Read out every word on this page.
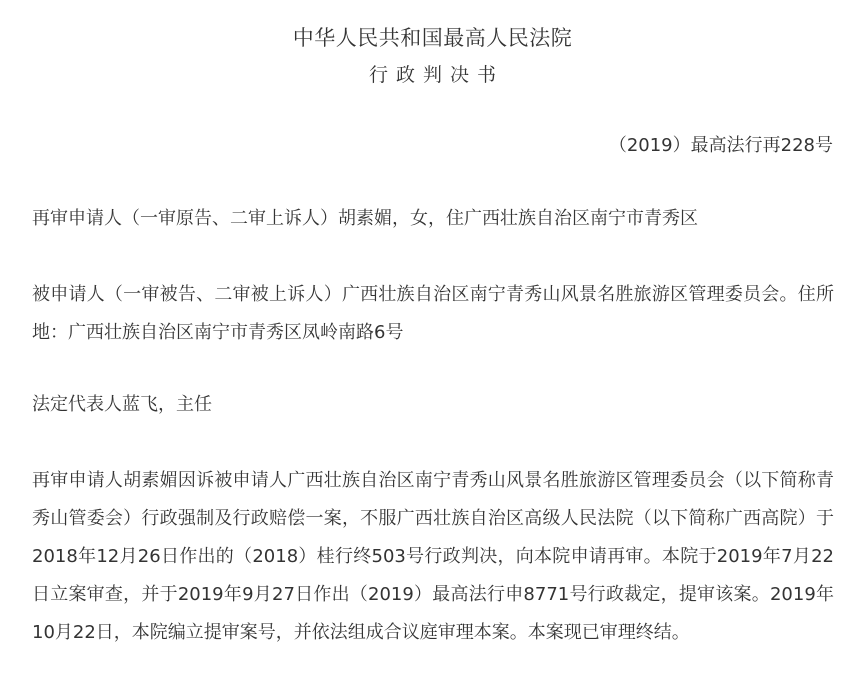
中华人民共和国最高人民法院
行政判决书
（2019）最高法行再228号

再审申请人（一审原告、二审上诉人）胡素媚，女，住广西壮族自治区南宁市青秀区

被申请人（一审被告、二审被上诉人）广西壮族自治区南宁青秀山风景名胜旅游区管理委员会。住所地：广西壮族自治区南宁市青秀区凤岭南路6号

法定代表人蓝飞，主任

再审申请人胡素媚因诉被申请人广西壮族自治区南宁青秀山风景名胜旅游区管理委员会（以下简称青秀山管委会）行政强制及行政赔偿一案，不服广西壮族自治区高级人民法院（以下简称广西高院）于2018年12月26日作出的（2018）桂行终503号行政判决，向本院申请再审。本院于2019年7月22日立案审查，并于2019年9月27日作出（2019）最高法行申8771号行政裁定，提审该案。2019年10月22日，本院编立提审案号，并依法组成合议庭审理本案。本案现已审理终结。
